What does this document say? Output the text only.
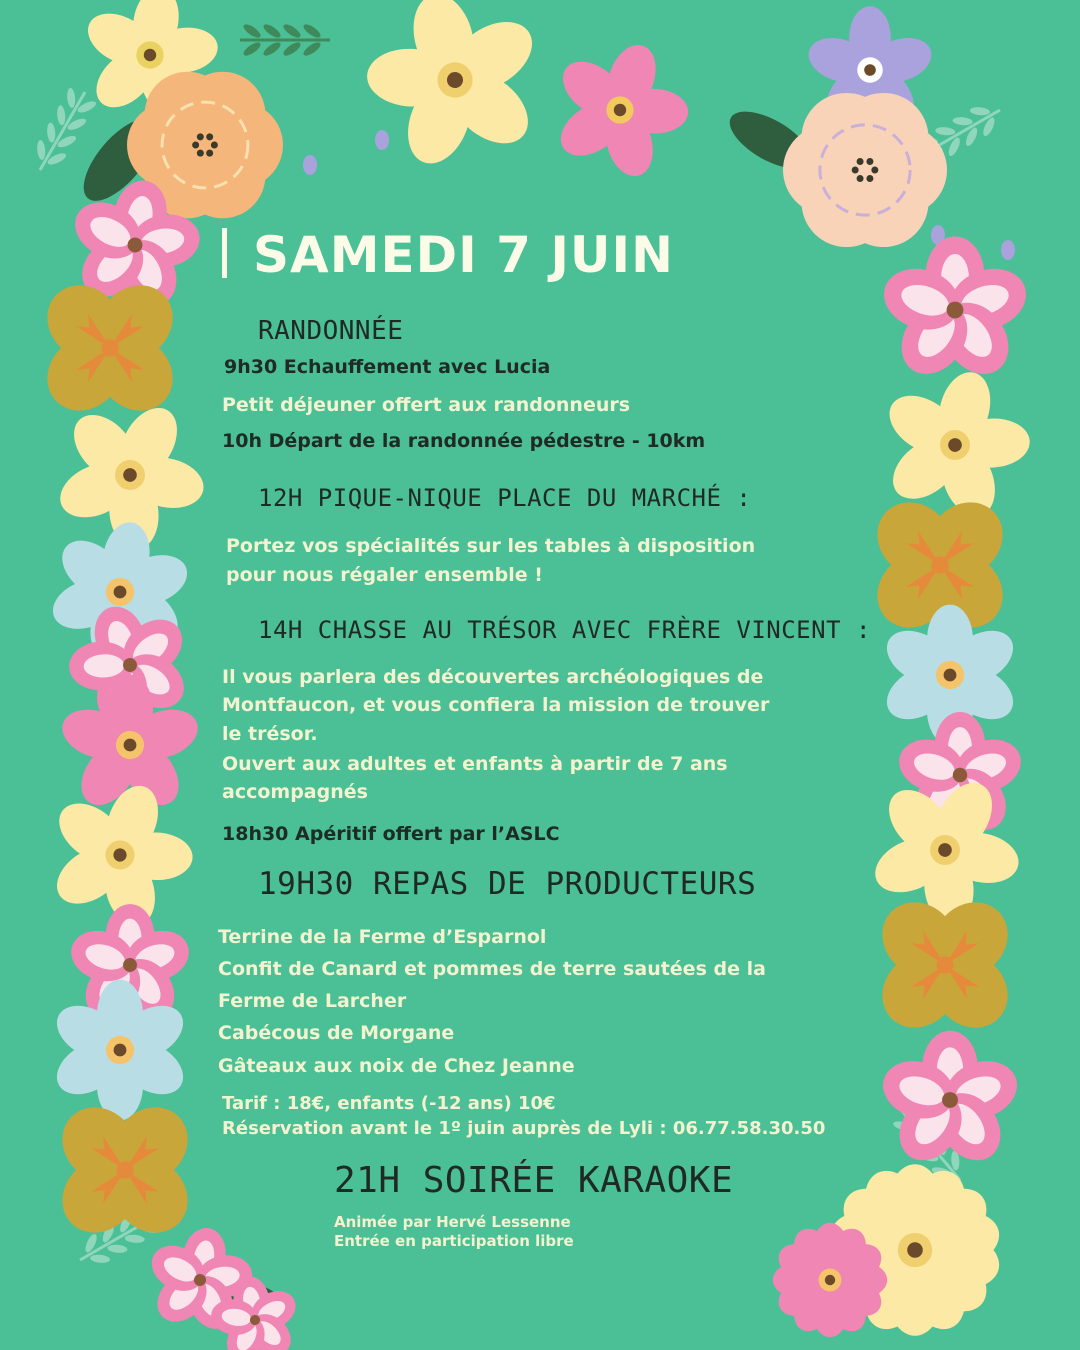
SAMEDI 7 JUIN
RANDONNÉE
9h30 Echauffement avec Lucia
Petit déjeuner offert aux randonneurs
10h Départ de la randonnée pédestre - 10km
12H PIQUE-NIQUE PLACE DU MARCHÉ :
Portez vos spécialités sur les tables à disposition
pour nous régaler ensemble !
14H CHASSE AU TRÉSOR AVEC FRÈRE VINCENT :
Il vous parlera des découvertes archéologiques de
Montfaucon, et vous confiera la mission de trouver
le trésor.
Ouvert aux adultes et enfants à partir de 7 ans
accompagnés
18h30 Apéritif offert par l’ASLC
19H30 REPAS DE PRODUCTEURS
Terrine de la Ferme d’Esparnol
Confit de Canard et pommes de terre sautées de la
Ferme de Larcher
Cabécous de Morgane
Gâteaux aux noix de Chez Jeanne
Tarif : 18€, enfants (-12 ans) 10€
Réservation avant le 1º juin auprès de Lyli : 06.77.58.30.50
21H SOIRÉE KARAOKE
Animée par Hervé Lessenne
Entrée en participation libre
